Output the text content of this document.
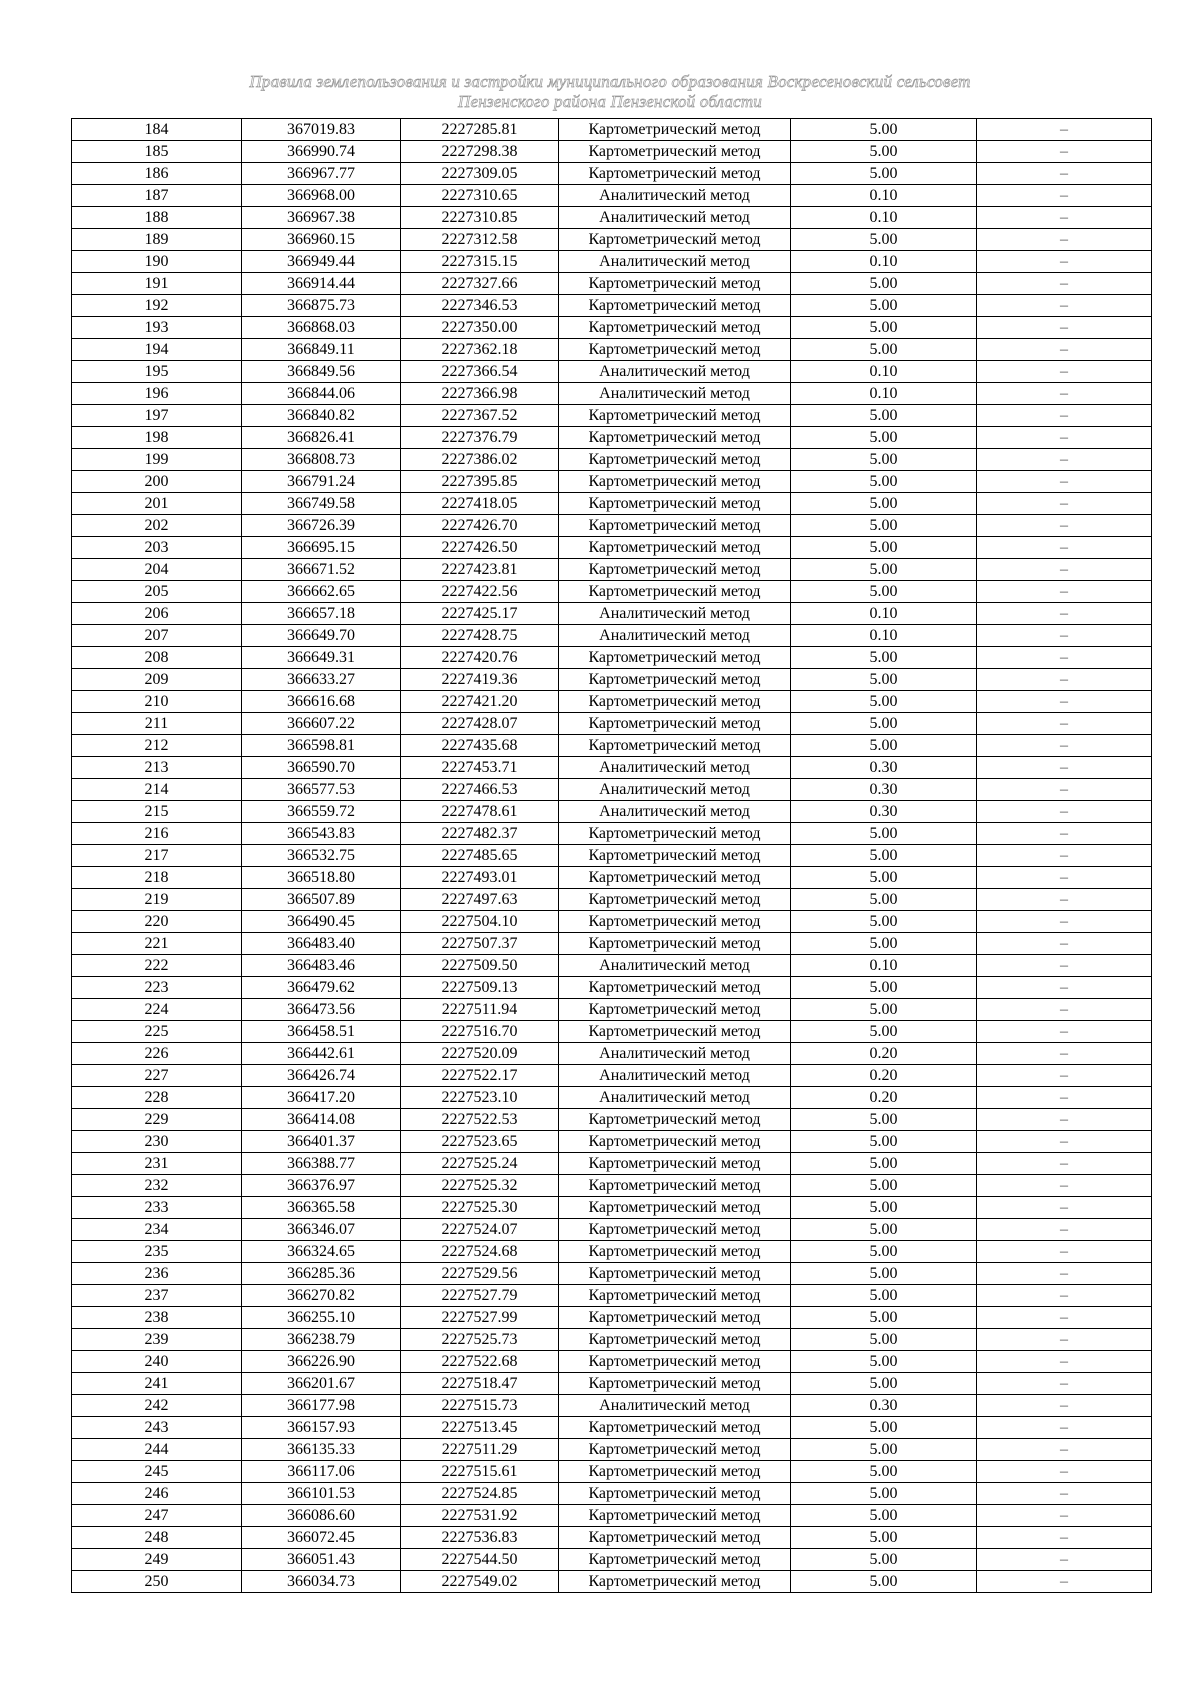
Правила землепользования и застройки муниципального образования Воскресеновский сельсовет
Пензенского района Пензенской области
184	367019.83	2227285.81	Картометрический метод	5.00	–
185	366990.74	2227298.38	Картометрический метод	5.00	–
186	366967.77	2227309.05	Картометрический метод	5.00	–
187	366968.00	2227310.65	Аналитический метод	0.10	–
188	366967.38	2227310.85	Аналитический метод	0.10	–
189	366960.15	2227312.58	Картометрический метод	5.00	–
190	366949.44	2227315.15	Аналитический метод	0.10	–
191	366914.44	2227327.66	Картометрический метод	5.00	–
192	366875.73	2227346.53	Картометрический метод	5.00	–
193	366868.03	2227350.00	Картометрический метод	5.00	–
194	366849.11	2227362.18	Картометрический метод	5.00	–
195	366849.56	2227366.54	Аналитический метод	0.10	–
196	366844.06	2227366.98	Аналитический метод	0.10	–
197	366840.82	2227367.52	Картометрический метод	5.00	–
198	366826.41	2227376.79	Картометрический метод	5.00	–
199	366808.73	2227386.02	Картометрический метод	5.00	–
200	366791.24	2227395.85	Картометрический метод	5.00	–
201	366749.58	2227418.05	Картометрический метод	5.00	–
202	366726.39	2227426.70	Картометрический метод	5.00	–
203	366695.15	2227426.50	Картометрический метод	5.00	–
204	366671.52	2227423.81	Картометрический метод	5.00	–
205	366662.65	2227422.56	Картометрический метод	5.00	–
206	366657.18	2227425.17	Аналитический метод	0.10	–
207	366649.70	2227428.75	Аналитический метод	0.10	–
208	366649.31	2227420.76	Картометрический метод	5.00	–
209	366633.27	2227419.36	Картометрический метод	5.00	–
210	366616.68	2227421.20	Картометрический метод	5.00	–
211	366607.22	2227428.07	Картометрический метод	5.00	–
212	366598.81	2227435.68	Картометрический метод	5.00	–
213	366590.70	2227453.71	Аналитический метод	0.30	–
214	366577.53	2227466.53	Аналитический метод	0.30	–
215	366559.72	2227478.61	Аналитический метод	0.30	–
216	366543.83	2227482.37	Картометрический метод	5.00	–
217	366532.75	2227485.65	Картометрический метод	5.00	–
218	366518.80	2227493.01	Картометрический метод	5.00	–
219	366507.89	2227497.63	Картометрический метод	5.00	–
220	366490.45	2227504.10	Картометрический метод	5.00	–
221	366483.40	2227507.37	Картометрический метод	5.00	–
222	366483.46	2227509.50	Аналитический метод	0.10	–
223	366479.62	2227509.13	Картометрический метод	5.00	–
224	366473.56	2227511.94	Картометрический метод	5.00	–
225	366458.51	2227516.70	Картометрический метод	5.00	–
226	366442.61	2227520.09	Аналитический метод	0.20	–
227	366426.74	2227522.17	Аналитический метод	0.20	–
228	366417.20	2227523.10	Аналитический метод	0.20	–
229	366414.08	2227522.53	Картометрический метод	5.00	–
230	366401.37	2227523.65	Картометрический метод	5.00	–
231	366388.77	2227525.24	Картометрический метод	5.00	–
232	366376.97	2227525.32	Картометрический метод	5.00	–
233	366365.58	2227525.30	Картометрический метод	5.00	–
234	366346.07	2227524.07	Картометрический метод	5.00	–
235	366324.65	2227524.68	Картометрический метод	5.00	–
236	366285.36	2227529.56	Картометрический метод	5.00	–
237	366270.82	2227527.79	Картометрический метод	5.00	–
238	366255.10	2227527.99	Картометрический метод	5.00	–
239	366238.79	2227525.73	Картометрический метод	5.00	–
240	366226.90	2227522.68	Картометрический метод	5.00	–
241	366201.67	2227518.47	Картометрический метод	5.00	–
242	366177.98	2227515.73	Аналитический метод	0.30	–
243	366157.93	2227513.45	Картометрический метод	5.00	–
244	366135.33	2227511.29	Картометрический метод	5.00	–
245	366117.06	2227515.61	Картометрический метод	5.00	–
246	366101.53	2227524.85	Картометрический метод	5.00	–
247	366086.60	2227531.92	Картометрический метод	5.00	–
248	366072.45	2227536.83	Картометрический метод	5.00	–
249	366051.43	2227544.50	Картометрический метод	5.00	–
250	366034.73	2227549.02	Картометрический метод	5.00	–
